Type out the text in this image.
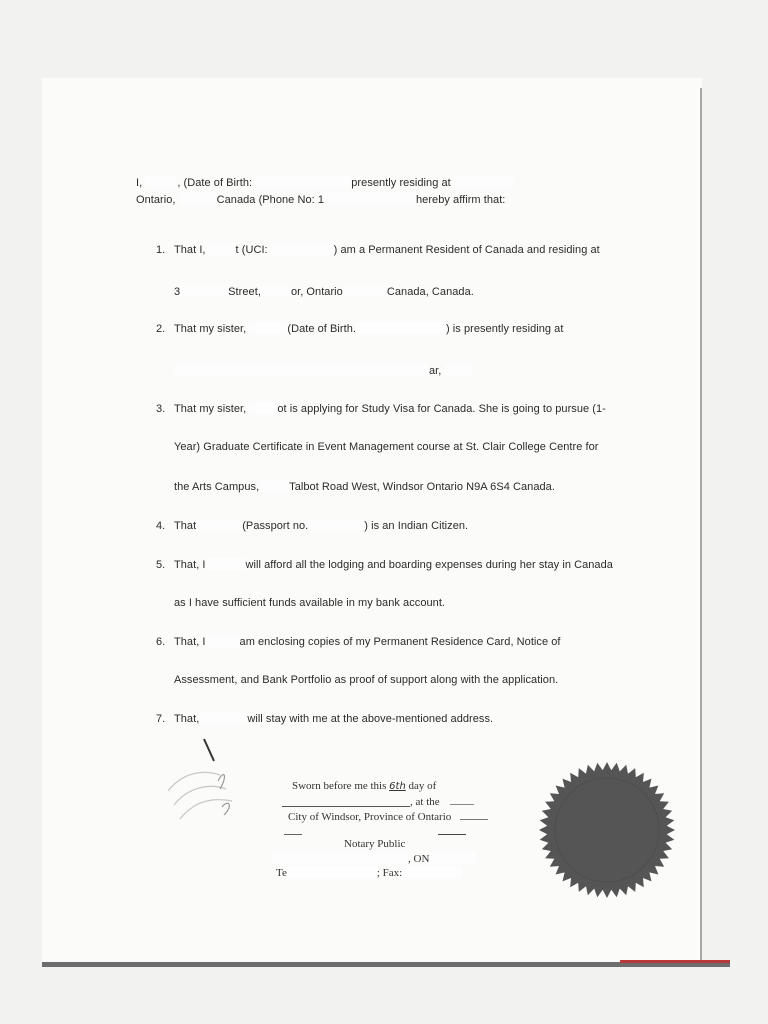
I,	, (Date of Birth:	presently residing at
Ontario,	Canada (Phone No: 1	hereby affirm that:
1. That I,	t (UCI:	) am a Permanent Resident of Canada and residing at
3	Street,	or, Ontario	Canada, Canada.
2. That my sister,	(Date of Birth.	) is presently residing at
ar,
3. That my sister,	ot is applying for Study Visa for Canada. She is going to pursue (1-
Year) Graduate Certificate in Event Management course at St. Clair College Centre for
the Arts Campus,	Talbot Road West, Windsor Ontario N9A 6S4 Canada.
4. That	(Passport no.	) is an Indian Citizen.
5. That, I	will afford all the lodging and boarding expenses during her stay in Canada
as I have sufficient funds available in my bank account.
6. That, I	am enclosing copies of my Permanent Residence Card, Notice of
Assessment, and Bank Portfolio as proof of support along with the application.
7. That,	will stay with me at the above-mentioned address.
Sworn before me this 6th day of
, at the
City of Windsor, Province of Ontario

Notary Public
, ON
Te	; Fax:
